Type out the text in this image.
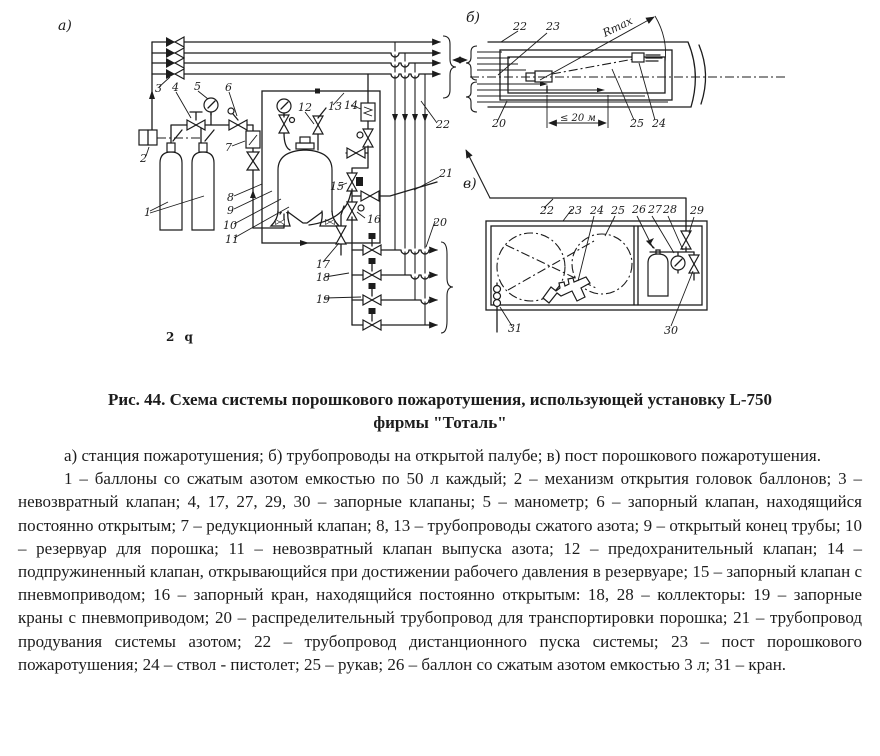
а)
1
2
3 4 5 6
7
8
9
10
11
12 13 14
15
16
17
18
19
20
21
22
2 q
б)
22 23	Rmax
20	≤ 20 м	25 24
в)
22 23 24 25 26 27 28 29
30
31
Рис. 44. Схема системы порошкового пожаротушения, использующей установку L-750
фирмы "Тоталь"

а) станция пожаротушения; б) трубопроводы на открытой палубе; в) пост порошкового пожаротушения.

1 – баллоны со сжатым азотом емкостью по 50 л каждый; 2 – механизм открытия головок баллонов; 3 – невозвратный клапан; 4, 17, 27, 29, 30 – запорные клапаны; 5 – манометр; 6 – запорный клапан, находящийся постоянно открытым; 7 – редукционный клапан; 8, 13 – трубопроводы сжатого азота; 9 – открытый конец трубы; 10 – резервуар для порошка; 11 – невозвратный клапан выпуска азота; 12 – предохранительный клапан; 14 – подпружиненный клапан, открывающийся при достижении рабочего давления в резервуаре; 15 – запорный клапан с пневмоприводом; 16 – запорный кран, находящийся постоянно открытым: 18, 28 – коллекторы: 19 – запорные краны с пневмоприводом; 20 – распределительный трубопровод для транспортировки порошка; 21 – трубопровод продувания системы азотом; 22 – трубопровод дистанционного пуска системы; 23 – пост порошкового пожаротушения; 24 – ствол - пистолет; 25 – рукав; 26 – баллон со сжатым азотом емкостью 3 л; 31 – кран.
